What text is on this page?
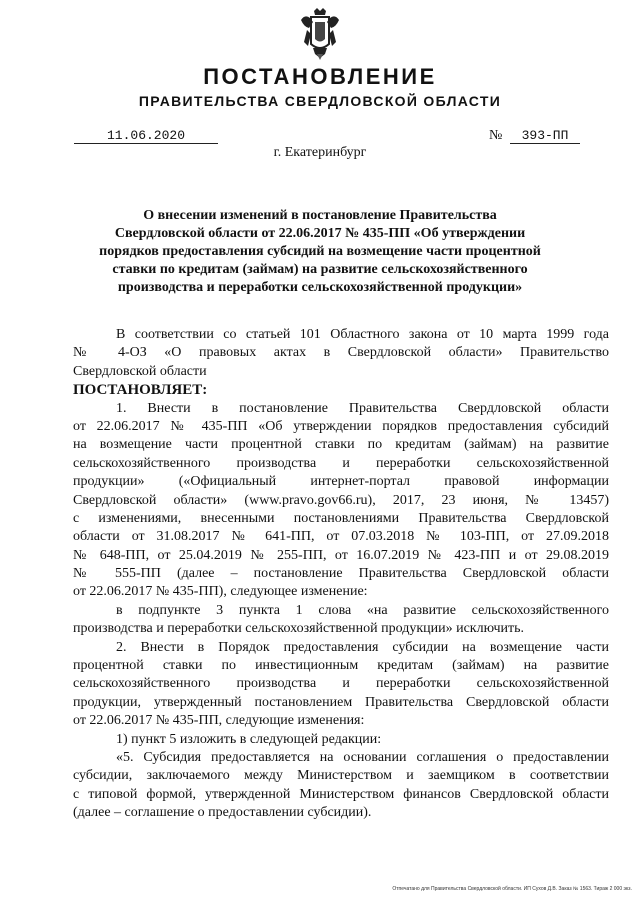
ПОСТАНОВЛЕНИЕ
ПРАВИТЕЛЬСТВА СВЕРДЛОВСКОЙ ОБЛАСТИ
11.06.2020	№	393-ПП
г. Екатеринбург
О внесении изменений в постановление Правительства
Свердловской области от 22.06.2017 № 435-ПП «Об утверждении
порядков предоставления субсидий на возмещение части процентной
ставки по кредитам (займам) на развитие сельскохозяйственного
производства и переработки сельскохозяйственной продукции»
В соответствии со статьей 101 Областного закона от 10 марта 1999 года
№ 4-ОЗ «О правовых актах в Свердловской области» Правительство
Свердловской области
ПОСТАНОВЛЯЕТ:
1. Внести в постановление Правительства Свердловской области
от 22.06.2017 № 435-ПП «Об утверждении порядков предоставления субсидий
на возмещение части процентной ставки по кредитам (займам) на развитие
сельскохозяйственного производства и переработки сельскохозяйственной
продукции» («Официальный интернет-портал правовой информации
Свердловской области» (www.pravo.gov66.ru), 2017, 23 июня, № 13457)
с изменениями, внесенными постановлениями Правительства Свердловской
области от 31.08.2017 № 641-ПП, от 07.03.2018 № 103-ПП, от 27.09.2018
№ 648-ПП, от 25.04.2019 № 255-ПП, от 16.07.2019 № 423-ПП и от 29.08.2019
№ 555-ПП (далее – постановление Правительства Свердловской области
от 22.06.2017 № 435-ПП), следующее изменение:
в подпункте 3 пункта 1 слова «на развитие сельскохозяйственного
производства и переработки сельскохозяйственной продукции» исключить.
2. Внести в Порядок предоставления субсидии на возмещение части
процентной ставки по инвестиционным кредитам (займам) на развитие
сельскохозяйственного производства и переработки сельскохозяйственной
продукции, утвержденный постановлением Правительства Свердловской области
от 22.06.2017 № 435-ПП, следующие изменения:
1) пункт 5 изложить в следующей редакции:
«5. Субсидия предоставляется на основании соглашения о предоставлении
субсидии, заключаемого между Министерством и заемщиком в соответствии
с типовой формой, утвержденной Министерством финансов Свердловской области
(далее – соглашение о предоставлении субсидии).
Отпечатано для Правительства Свердловской области. ИП Сухов Д.В. Заказ № 1563. Тираж 2 000 экз.
